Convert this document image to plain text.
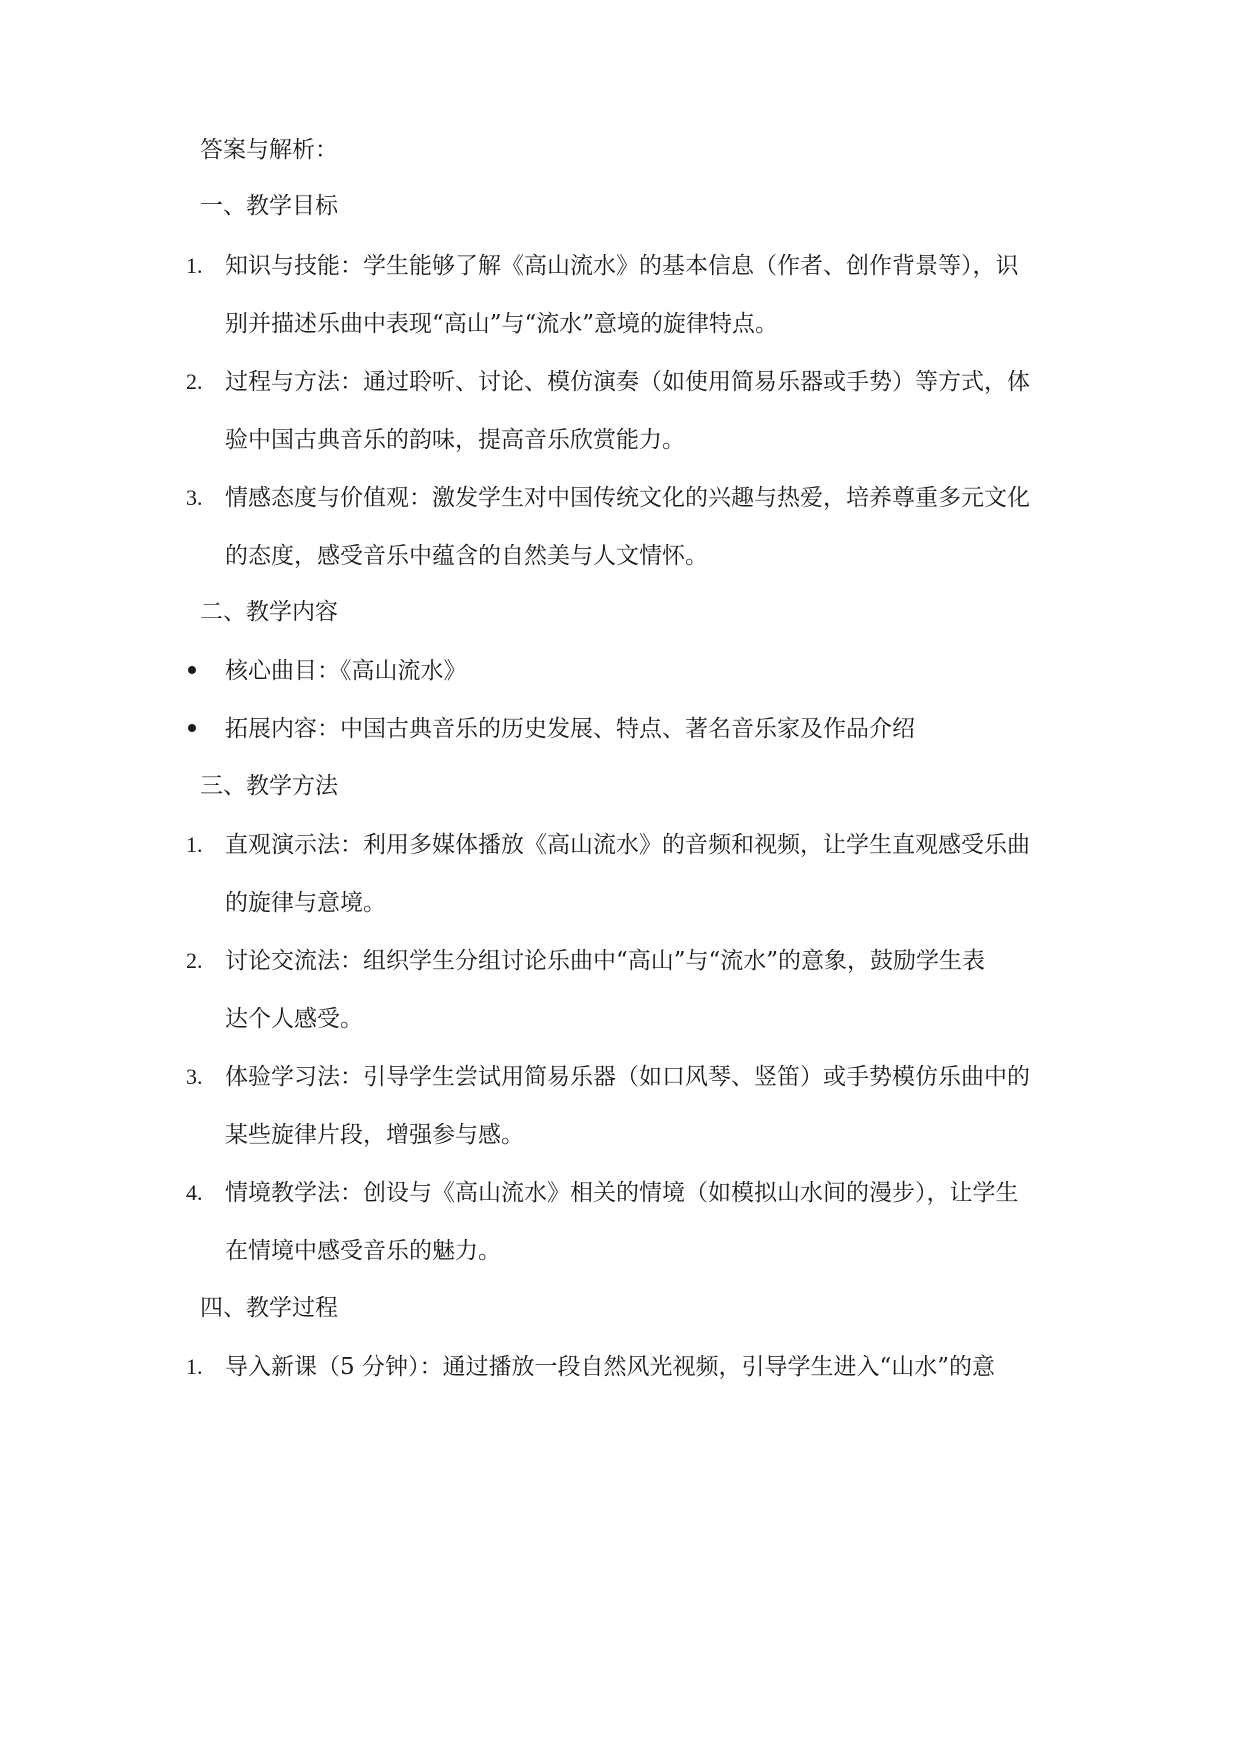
答案与解析：
一、教学目标
1. 知识与技能：学生能够了解《高山流水》的基本信息（作者、创作背景等），识
别并描述乐曲中表现“高山”与“流水”意境的旋律特点。
2. 过程与方法：通过聆听、讨论、模仿演奏（如使用简易乐器或手势）等方式，体
验中国古典音乐的韵味，提高音乐欣赏能力。
3. 情感态度与价值观：激发学生对中国传统文化的兴趣与热爱，培养尊重多元文化
的态度，感受音乐中蕴含的自然美与人文情怀。
二、教学内容
核心曲目：《高山流水》
拓展内容：中国古典音乐的历史发展、特点、著名音乐家及作品介绍
三、教学方法
1. 直观演示法：利用多媒体播放《高山流水》的音频和视频，让学生直观感受乐曲
的旋律与意境。
2. 讨论交流法：组织学生分组讨论乐曲中“高山”与“流水”的意象，鼓励学生表
达个人感受。
3. 体验学习法：引导学生尝试用简易乐器（如口风琴、竖笛）或手势模仿乐曲中的
某些旋律片段，增强参与感。
4. 情境教学法：创设与《高山流水》相关的情境（如模拟山水间的漫步），让学生
在情境中感受音乐的魅力。
四、教学过程
1. 导入新课（5 分钟）：通过播放一段自然风光视频，引导学生进入“山水”的意
